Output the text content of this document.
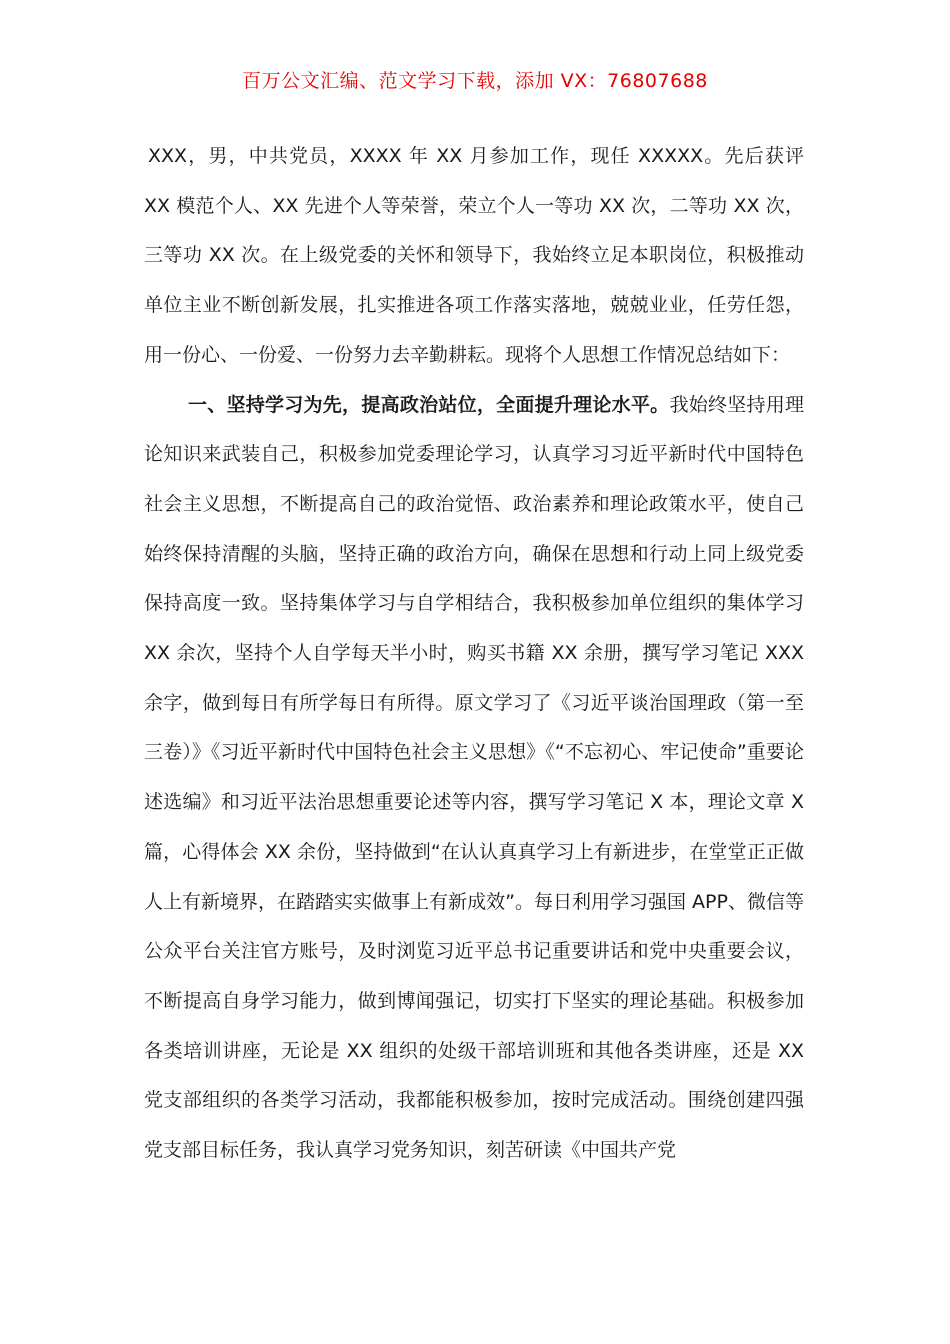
百万公文汇编、范文学习下载，添加 VX：76807688

XXX，男，中共党员，XXXX 年 XX 月参加工作，现任 XXXXX。先后获评 XX 模范个人、XX 先进个人等荣誉，荣立个人一等功 XX 次，二等功 XX 次，三等功 XX 次。在上级党委的关怀和领导下，我始终立足本职岗位，积极推动单位主业不断创新发展，扎实推进各项工作落实落地，兢兢业业，任劳任怨，用一份心、一份爱、一份努力去辛勤耕耘。现将个人思想工作情况总结如下：

一、坚持学习为先，提高政治站位，全面提升理论水平。我始终坚持用理论知识来武装自己，积极参加党委理论学习，认真学习习近平新时代中国特色社会主义思想，不断提高自己的政治觉悟、政治素养和理论政策水平，使自己始终保持清醒的头脑，坚持正确的政治方向，确保在思想和行动上同上级党委保持高度一致。坚持集体学习与自学相结合，我积极参加单位组织的集体学习 XX 余次，坚持个人自学每天半小时，购买书籍 XX 余册，撰写学习笔记 XXX 余字，做到每日有所学每日有所得。原文学习了《习近平谈治国理政（第一至三卷）》《习近平新时代中国特色社会主义思想》《“不忘初心、牢记使命”重要论述选编》和习近平法治思想重要论述等内容，撰写学习笔记 X 本，理论文章 X 篇，心得体会 XX 余份，坚持做到“在认认真真学习上有新进步，在堂堂正正做人上有新境界，在踏踏实实做事上有新成效”。每日利用学习强国 APP、微信等公众平台关注官方账号，及时浏览习近平总书记重要讲话和党中央重要会议，不断提高自身学习能力，做到博闻强记，切实打下坚实的理论基础。积极参加各类培训讲座，无论是 XX 组织的处级干部培训班和其他各类讲座，还是 XX 党支部组织的各类学习活动，我都能积极参加，按时完成活动。围绕创建四强党支部目标任务，我认真学习党务知识，刻苦研读《中国共产党
